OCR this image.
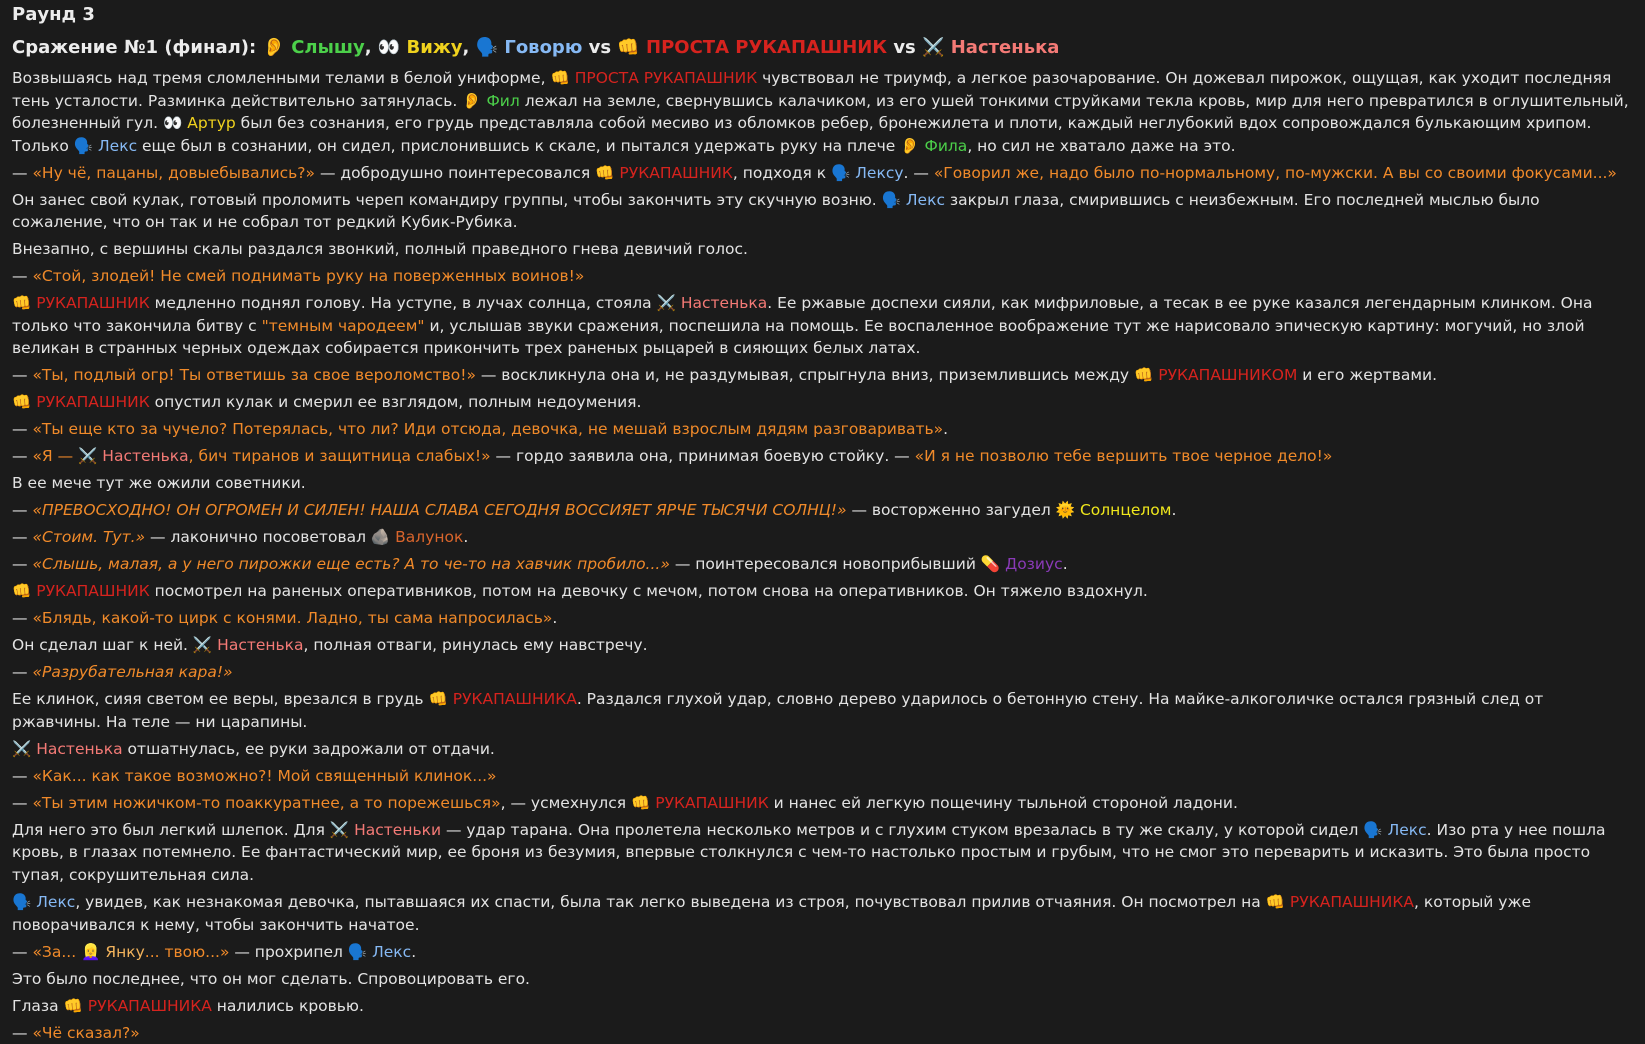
Раунд 3
Сражение №1 (финал): 👂 Слышу, 👀 Вижу, 🗣️ Говорю vs 👊 ПРОСТА РУКАПАШНИК vs ⚔️ Настенька

Возвышаясь над тремя сломленными телами в белой униформе, 👊 ПРОСТА РУКАПАШНИК чувствовал не триумф, а легкое разочарование. Он дожевал пирожок, ощущая, как уходит последняя тень усталости. Разминка действительно затянулась. 👂 Фил лежал на земле, свернувшись калачиком, из его ушей тонкими струйками текла кровь, мир для него превратился в оглушительный, болезненный гул. 👀 Артур был без сознания, его грудь представляла собой месиво из обломков ребер, бронежилета и плоти, каждый неглубокий вдох сопровождался булькающим хрипом. Только 🗣️ Лекс еще был в сознании, он сидел, прислонившись к скале, и пытался удержать руку на плече 👂 Фила, но сил не хватало даже на это.

— «Ну чё, пацаны, довыебывались?» — добродушно поинтересовался 👊 РУКАПАШНИК, подходя к 🗣️ Лексу. — «Говорил же, надо было по-нормальному, по-мужски. А вы со своими фокусами...»

Он занес свой кулак, готовый проломить череп командиру группы, чтобы закончить эту скучную возню. 🗣️ Лекс закрыл глаза, смирившись с неизбежным. Его последней мыслью было сожаление, что он так и не собрал тот редкий Кубик-Рубика.

Внезапно, с вершины скалы раздался звонкий, полный праведного гнева девичий голос.

— «Стой, злодей! Не смей поднимать руку на поверженных воинов!»

👊 РУКАПАШНИК медленно поднял голову. На уступе, в лучах солнца, стояла ⚔️ Настенька. Ее ржавые доспехи сияли, как мифриловые, а тесак в ее руке казался легендарным клинком. Она только что закончила битву с "темным чародеем" и, услышав звуки сражения, поспешила на помощь. Ее воспаленное воображение тут же нарисовало эпическую картину: могучий, но злой великан в странных черных одеждах собирается прикончить трех раненых рыцарей в сияющих белых латах.

— «Ты, подлый огр! Ты ответишь за свое вероломство!» — воскликнула она и, не раздумывая, спрыгнула вниз, приземлившись между 👊 РУКАПАШНИКОМ и его жертвами.

👊 РУКАПАШНИК опустил кулак и смерил ее взглядом, полным недоумения.

— «Ты еще кто за чучело? Потерялась, что ли? Иди отсюда, девочка, не мешай взрослым дядям разговаривать».

— «Я — ⚔️ Настенька, бич тиранов и защитница слабых!» — гордо заявила она, принимая боевую стойку. — «И я не позволю тебе вершить твое черное дело!»

В ее мече тут же ожили советники.

— «ПРЕВОСХОДНО! ОН ОГРОМЕН И СИЛЕН! НАША СЛАВА СЕГОДНЯ ВОССИЯЕТ ЯРЧЕ ТЫСЯЧИ СОЛНЦ!» — восторженно загудел 🌞 Солнцелом.

— «Стоим. Тут.» — лаконично посоветовал 🪨 Валунок.

— «Слышь, малая, а у него пирожки еще есть? А то че-то на хавчик пробило...» — поинтересовался новоприбывший 💊 Дозиус.

👊 РУКАПАШНИК посмотрел на раненых оперативников, потом на девочку с мечом, потом снова на оперативников. Он тяжело вздохнул.

— «Блядь, какой-то цирк с конями. Ладно, ты сама напросилась».

Он сделал шаг к ней. ⚔️ Настенька, полная отваги, ринулась ему навстречу.

— «Разрубательная кара!»

Ее клинок, сияя светом ее веры, врезался в грудь 👊 РУКАПАШНИКА. Раздался глухой удар, словно дерево ударилось о бетонную стену. На майке-алкоголичке остался грязный след от ржавчины. На теле — ни царапины.

⚔️ Настенька отшатнулась, ее руки задрожали от отдачи.

— «Как... как такое возможно?! Мой священный клинок...»

— «Ты этим ножичком-то поаккуратнее, а то порежешься», — усмехнулся 👊 РУКАПАШНИК и нанес ей легкую пощечину тыльной стороной ладони.

Для него это был легкий шлепок. Для ⚔️ Настеньки — удар тарана. Она пролетела несколько метров и с глухим стуком врезалась в ту же скалу, у которой сидел 🗣️ Лекс. Изо рта у нее пошла кровь, в глазах потемнело. Ее фантастический мир, ее броня из безумия, впервые столкнулся с чем-то настолько простым и грубым, что не смог это переварить и исказить. Это была просто тупая, сокрушительная сила.

🗣️ Лекс, увидев, как незнакомая девочка, пытавшаяся их спасти, была так легко выведена из строя, почувствовал прилив отчаяния. Он посмотрел на 👊 РУКАПАШНИКА, который уже поворачивался к нему, чтобы закончить начатое.

— «За... 👱‍♀️ Янку... твою...» — прохрипел 🗣️ Лекс.

Это было последнее, что он мог сделать. Спровоцировать его.

Глаза 👊 РУКАПАШНИКА налились кровью.

— «Чё сказал?»
